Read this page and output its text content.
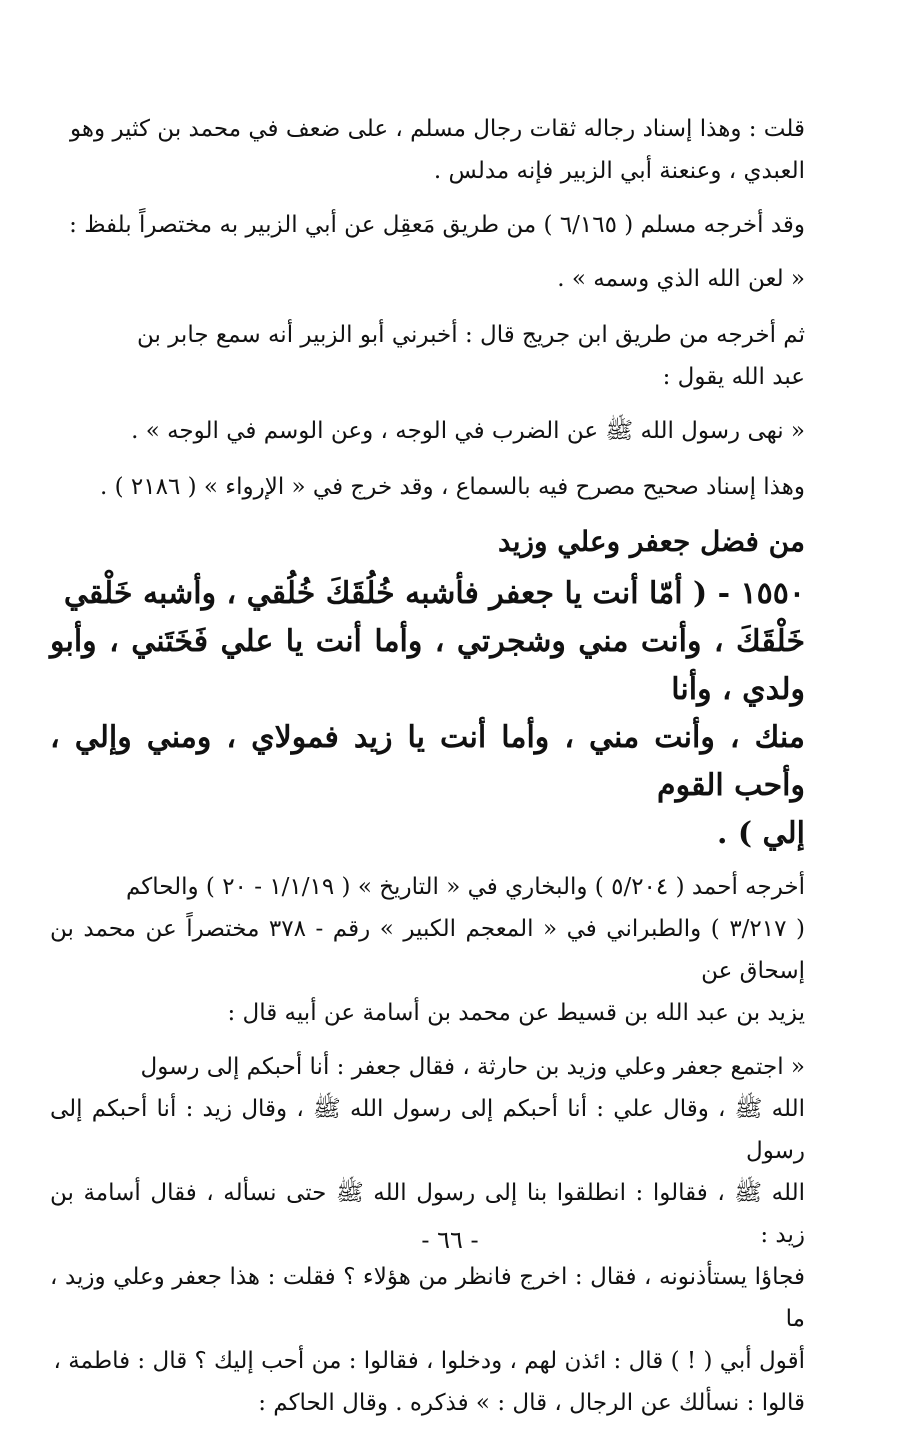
قلت : وهذا إسناد رجاله ثقات رجال مسلم ، على ضعف في محمد بن كثير وهو
العبدي ، وعنعنة أبي الزبير فإنه مدلس .
وقد أخرجه مسلم ( ٦/١٦٥ ) من طريق مَعقِل عن أبي الزبير به مختصراً بلفظ :
« لعن الله الذي وسمه » .
ثم أخرجه من طريق ابن جريج قال : أخبرني أبو الزبير أنه سمع جابر بن
عبد الله يقول :
« نهى رسول الله ﷺ عن الضرب في الوجه ، وعن الوسم في الوجه » .
وهذا إسناد صحيح مصرح فيه بالسماع ، وقد خرج في « الإرواء » ( ٢١٨٦ ) .
من فضل جعفر وعلي وزيد
١٥٥٠ - ( أمّا أنت يا جعفر فأشبه خُلُقَكَ خُلُقي ، وأشبه خَلْقي
خَلْقَكَ ، وأنت مني وشجرتي ، وأما أنت يا علي فَخَتَني ، وأبو ولدي ، وأنا
منك ، وأنت مني ، وأما أنت يا زيد فمولاي ، ومني وإلي ، وأحب القوم
إلي ) .
أخرجه أحمد ( ٥/٢٠٤ ) والبخاري في « التاريخ » ( ١/١/١٩ - ٢٠ ) والحاكم
( ٣/٢١٧ ) والطبراني في « المعجم الكبير » رقم - ٣٧٨ مختصراً عن محمد بن إسحاق عن
يزيد بن عبد الله بن قسيط عن محمد بن أسامة عن أبيه قال :
« اجتمع جعفر وعلي وزيد بن حارثة ، فقال جعفر : أنا أحبكم إلى رسول
الله ﷺ ، وقال علي : أنا أحبكم إلى رسول الله ﷺ ، وقال زيد : أنا أحبكم إلى رسول
الله ﷺ ، فقالوا : انطلقوا بنا إلى رسول الله ﷺ حتى نسأله ، فقال أسامة بن زيد :
فجاؤا يستأذنونه ، فقال : اخرج فانظر من هؤلاء ؟ فقلت : هذا جعفر وعلي وزيد ، ما
أقول أبي ( ! ) قال : ائذن لهم ، ودخلوا ، فقالوا : من أحب إليك ؟ قال : فاطمة ،
قالوا : نسألك عن الرجال ، قال : » فذكره . وقال الحاكم :
- ٦٦ -
